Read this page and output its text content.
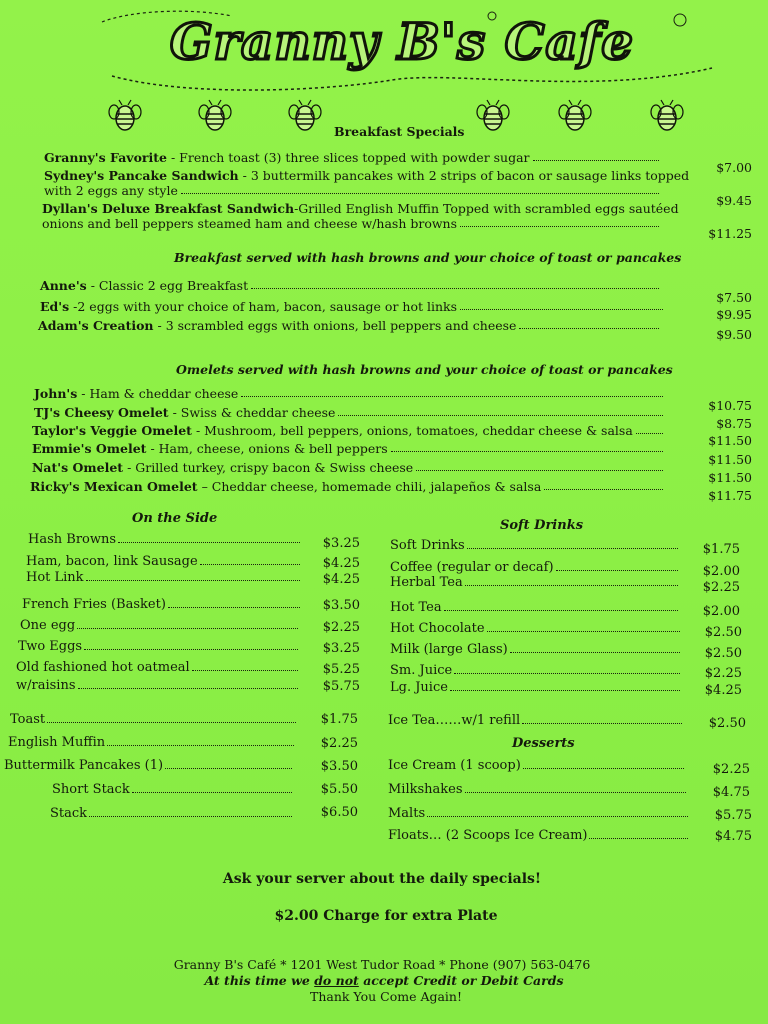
Granny B's Cafe
Breakfast Specials
Granny's Favorite - French toast (3) three slices topped with powder sugar
$7.00
Sydney's Pancake Sandwich - 3 buttermilk pancakes with 2 strips of bacon or sausage links topped
with 2 eggs any style
$9.45
Dyllan's Deluxe Breakfast Sandwich -Grilled English Muffin Topped with scrambled eggs sautéed
onions and bell peppers steamed ham and cheese w/hash browns
$11.25
Breakfast served with hash browns and your choice of toast or pancakes
Anne's - Classic 2 egg Breakfast
$7.50
Ed's -2 eggs with your choice of ham, bacon, sausage or hot links
$9.95
Adam's Creation - 3 scrambled eggs with onions, bell peppers and cheese
$9.50
Omelets served with hash browns and your choice of toast or pancakes
John's - Ham & cheddar cheese
$10.75
TJ's Cheesy Omelet - Swiss & cheddar cheese
$8.75
Taylor's Veggie Omelet - Mushroom, bell peppers, onions, tomatoes, cheddar cheese & salsa
$11.50
Emmie's Omelet - Ham, cheese, onions & bell peppers
$11.50
Nat's Omelet - Grilled turkey, crispy bacon & Swiss cheese
$11.50
Ricky's Mexican Omelet – Cheddar cheese, homemade chili, jalapeños & salsa
$11.75
On the Side
Hash Browns	$3.25
Ham, bacon, link Sausage	$4.25
Hot Link	$4.25
French Fries (Basket)	$3.50
One egg	$2.25
Two Eggs	$3.25
Old fashioned hot oatmeal	$5.25
w/raisins	$5.75
Toast	$1.75
English Muffin	$2.25
Buttermilk Pancakes (1)	$3.50
Short Stack	$5.50
Stack	$6.50
Soft Drinks
Soft Drinks	$1.75
Coffee (regular or decaf)	$2.00
Herbal Tea	$2.25
Hot Tea	$2.00
Hot Chocolate	$2.50
Milk (large Glass)	$2.50
Sm. Juice	$2.25
Lg. Juice	$4.25
Ice Tea……w/1 refill	$2.50
Desserts
Ice Cream (1 scoop)	$2.25
Milkshakes	$4.75
Malts	$5.75
Floats… (2 Scoops Ice Cream)	$4.75
Ask your server about the daily specials!
$2.00 Charge for extra Plate
Granny B's Café * 1201 West Tudor Road * Phone (907) 563-0476
At this time we do not accept Credit or Debit Cards
Thank You Come Again!
